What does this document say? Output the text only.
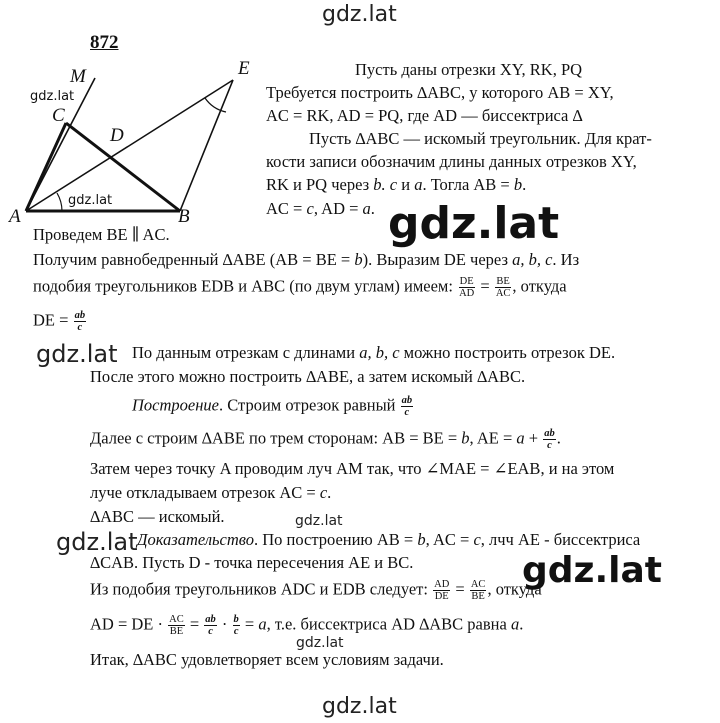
gdz.lat
gdz.lat
gdz.lat
gdz.lat
gdz.lat
gdz.lat
gdz.lat
gdz.lat
872
M	E
C
D
A	B
gdz.lat
gdz.lat
Пусть даны отрезки XY, RK, PQ
Требуется построить ∆ABC, у которого AB = XY,
AC = RK, AD = PQ, где AD — биссектриса ∆
Пусть ∆ABC — искомый треугольник. Для крат-
кости записи обозначим длины данных отрезков XY,
RK и PQ через b. c и a. Тогла AB = b.
AC = c, AD = a.
Проведем BE ∥ AC.
Получим равнобедренный ∆ABE (AB = BE = b). Выразим DE через a, b, c. Из
подобия треугольников EDB и ABC (по двум углам) имеем: $\frac{DE}{AD} = \frac{BE}{AC}$ , откуда
DE = $\frac{ab}{c}$
По данным отрезкам с длинами a, b, c можно построить отрезок DE.
После этого можно построить ∆ABE, а затем искомый ∆ABC.
Построение. Строим отрезок равный $\frac{ab}{c}$
Далее с строим ∆ABE по трем сторонам: AB = BE = b, AE = $a + \frac{ab}{c}$ .
Затем через точку A проводим луч AM так, что ∠MAE = ∠EAB, и на этом
луче откладываем отрезок AC = c.
∆ABC — искомый.
Доказательство. По построению AB = b, AC = c, лчч AE - биссектриса
∆CAB. Пусть D - точка пересечения AE и BC.
Из подобия треугольников ADC и EDB следует: $\frac{AD}{DE} = \frac{AC}{BE}$ , откуда
AD = DE · $\frac{AC}{BE} = \frac{ab}{c} \cdot \frac{b}{c} = a$, т.е. биссектриса AD ∆ABC равна a.
Итак, ∆ABC удовлетворяет всем условиям задачи.
